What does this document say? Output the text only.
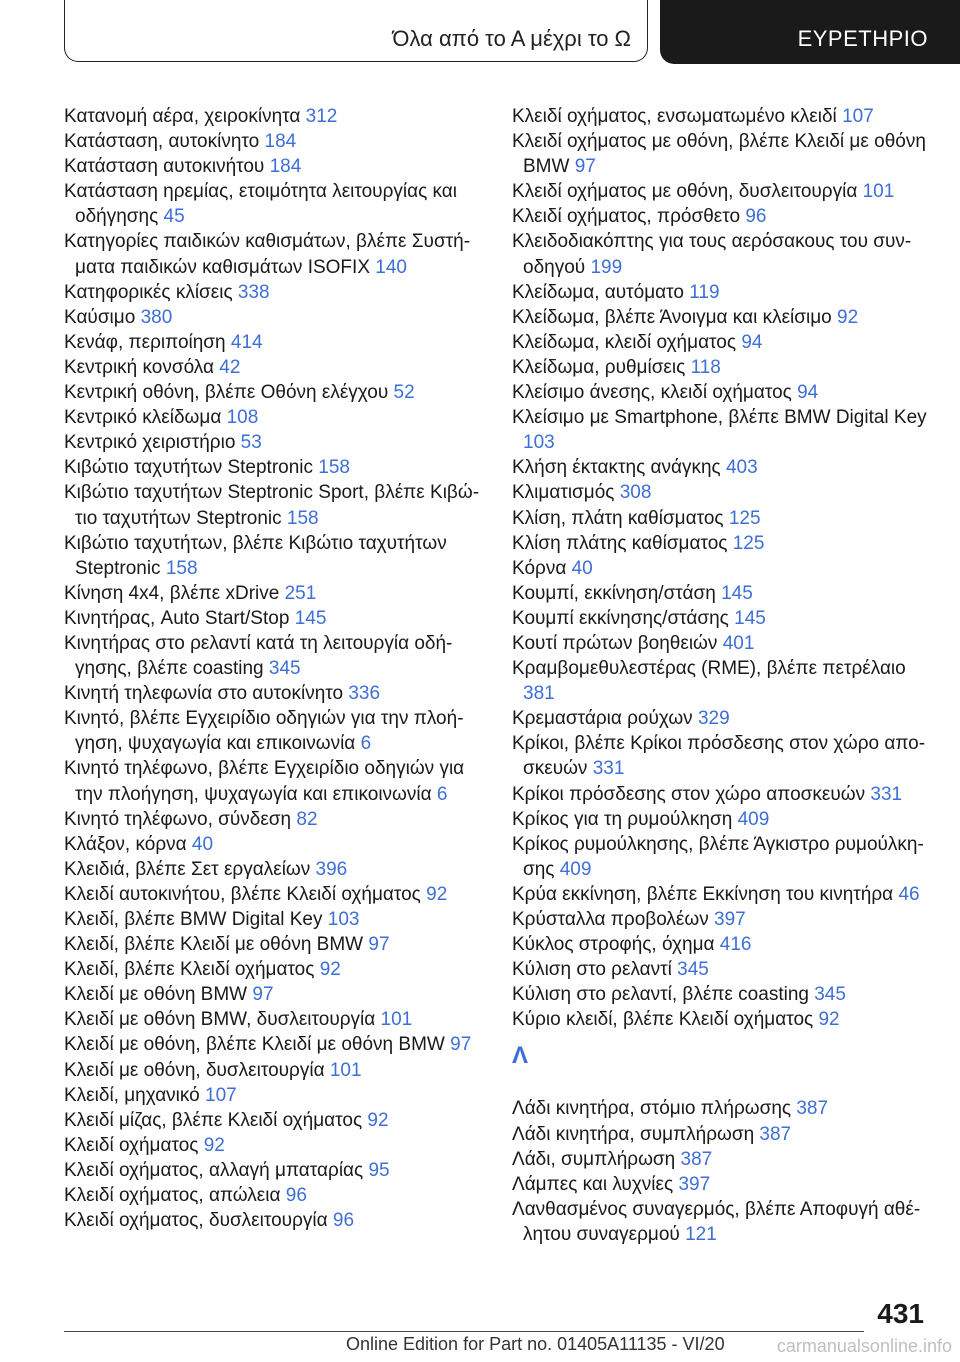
Όλα από το Α μέχρι το Ω	ΕΥΡΕΤΗΡΙΟ
Κατανομή αέρα, χειροκίνητα 312
Κατάσταση, αυτοκίνητο 184
Κατάσταση αυτοκινήτου 184
Κατάσταση ηρεμίας, ετοιμότητα λειτουργίας και οδήγησης 45
Κατηγορίες παιδικών καθισμάτων, βλέπε Συστήματα παιδικών καθισμάτων ISOFIX 140
Κατηφορικές κλίσεις 338
Καύσιμο 380
Κενάφ, περιποίηση 414
Κεντρική κονσόλα 42
Κεντρική οθόνη, βλέπε Οθόνη ελέγχου 52
Κεντρικό κλείδωμα 108
Κεντρικό χειριστήριο 53
Κιβώτιο ταχυτήτων Steptronic 158
Κιβώτιο ταχυτήτων Steptronic Sport, βλέπε Κιβώτιο ταχυτήτων Steptronic 158
Κιβώτιο ταχυτήτων, βλέπε Κιβώτιο ταχυτήτων Steptronic 158
Κίνηση 4x4, βλέπε xDrive 251
Κινητήρας, Auto Start/Stop 145
Κινητήρας στο ρελαντί κατά τη λειτουργία οδήγησης, βλέπε coasting 345
Κινητή τηλεφωνία στο αυτοκίνητο 336
Κινητό, βλέπε Εγχειρίδιο οδηγιών για την πλοήγηση, ψυχαγωγία και επικοινωνία 6
Κινητό τηλέφωνο, βλέπε Εγχειρίδιο οδηγιών για την πλοήγηση, ψυχαγωγία και επικοινωνία 6
Κινητό τηλέφωνο, σύνδεση 82
Κλάξον, κόρνα 40
Κλειδιά, βλέπε Σετ εργαλείων 396
Κλειδί αυτοκινήτου, βλέπε Κλειδί οχήματος 92
Κλειδί, βλέπε BMW Digital Key 103
Κλειδί, βλέπε Κλειδί με οθόνη BMW 97
Κλειδί, βλέπε Κλειδί οχήματος 92
Κλειδί με οθόνη BMW 97
Κλειδί με οθόνη BMW, δυσλειτουργία 101
Κλειδί με οθόνη, βλέπε Κλειδί με οθόνη BMW 97
Κλειδί με οθόνη, δυσλειτουργία 101
Κλειδί, μηχανικό 107
Κλειδί μίζας, βλέπε Κλειδί οχήματος 92
Κλειδί οχήματος 92
Κλειδί οχήματος, αλλαγή μπαταρίας 95
Κλειδί οχήματος, απώλεια 96
Κλειδί οχήματος, δυσλειτουργία 96
Κλειδί οχήματος, ενσωματωμένο κλειδί 107
Κλειδί οχήματος με οθόνη, βλέπε Κλειδί με οθόνη BMW 97
Κλειδί οχήματος με οθόνη, δυσλειτουργία 101
Κλειδί οχήματος, πρόσθετο 96
Κλειδοδιακόπτης για τους αερόσακους του συνοδηγού 199
Κλείδωμα, αυτόματο 119
Κλείδωμα, βλέπε Άνοιγμα και κλείσιμο 92
Κλείδωμα, κλειδί οχήματος 94
Κλείδωμα, ρυθμίσεις 118
Κλείσιμο άνεσης, κλειδί οχήματος 94
Κλείσιμο με Smartphone, βλέπε BMW Digital Key 103
Κλήση έκτακτης ανάγκης 403
Κλιματισμός 308
Κλίση, πλάτη καθίσματος 125
Κλίση πλάτης καθίσματος 125
Κόρνα 40
Κουμπί, εκκίνηση/στάση 145
Κουμπί εκκίνησης/στάσης 145
Κουτί πρώτων βοηθειών 401
Κραμβομεθυλεστέρας (RME), βλέπε πετρέλαιο 381
Κρεμαστάρια ρούχων 329
Κρίκοι, βλέπε Κρίκοι πρόσδεσης στον χώρο αποσκευών 331
Κρίκοι πρόσδεσης στον χώρο αποσκευών 331
Κρίκος για τη ρυμούλκηση 409
Κρίκος ρυμούλκησης, βλέπε Άγκιστρο ρυμούλκησης 409
Κρύα εκκίνηση, βλέπε Εκκίνηση του κινητήρα 46
Κρύσταλλα προβολέων 397
Κύκλος στροφής, όχημα 416
Κύλιση στο ρελαντί 345
Κύλιση στο ρελαντί, βλέπε coasting 345
Κύριο κλειδί, βλέπε Κλειδί οχήματος 92
Λ
Λάδι κινητήρα, στόμιο πλήρωσης 387
Λάδι κινητήρα, συμπλήρωση 387
Λάδι, συμπλήρωση 387
Λάμπες και λυχνίες 397
Λανθασμένος συναγερμός, βλέπε Αποφυγή αθέλητου συναγερμού 121
431
Online Edition for Part no. 01405A11135 - VI/20	carmanualsonline.info
